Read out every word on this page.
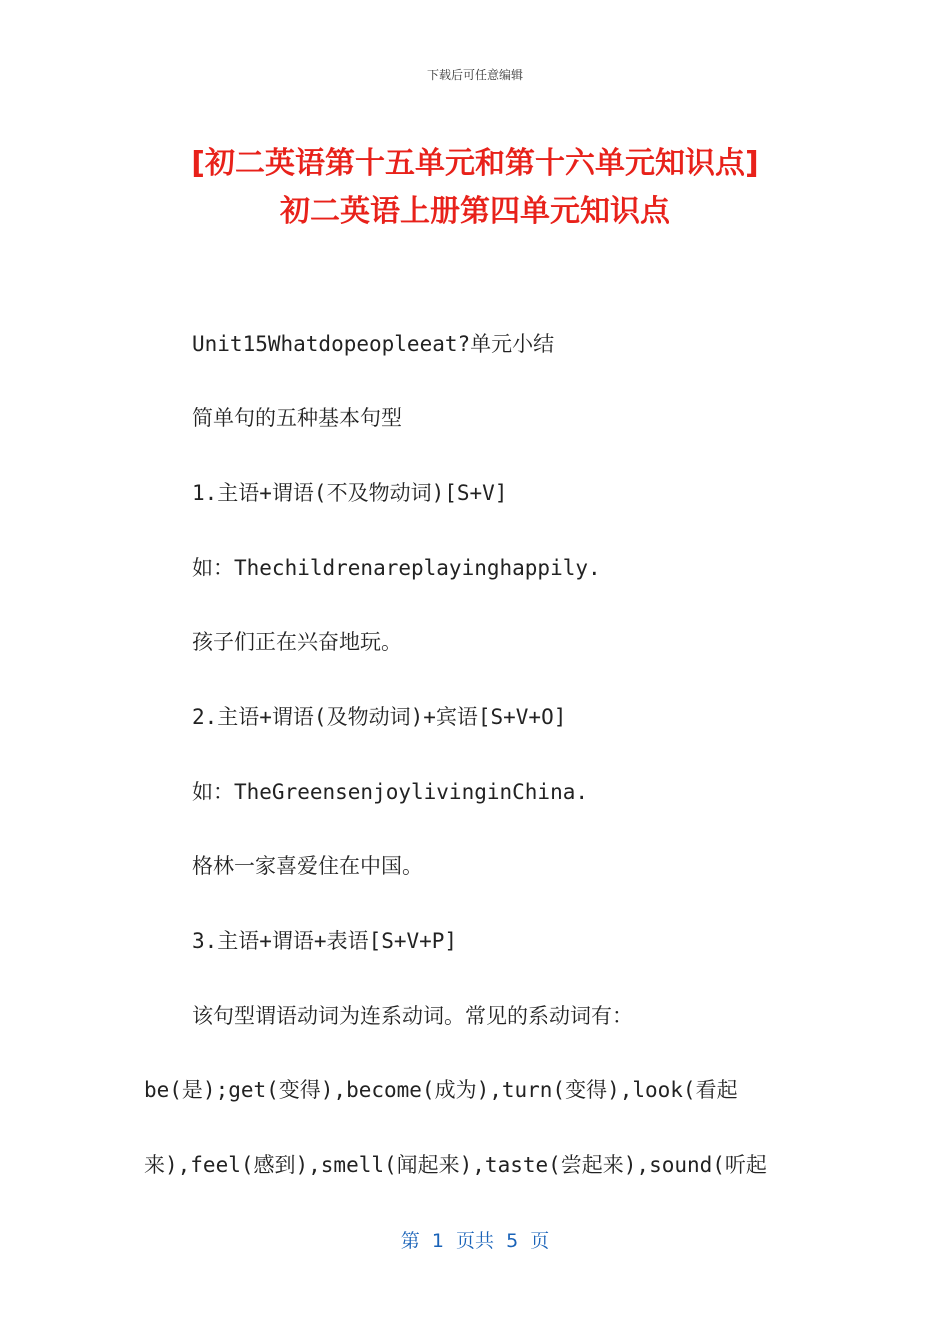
下载后可任意编辑
[初二英语第十五单元和第十六单元知识点]
初二英语上册第四单元知识点
Unit15Whatdopeopleeat?单元小结
简单句的五种基本句型
1.主语+谓语(不及物动词)[S+V]
如：Thechildrenareplayinghappily.
孩子们正在兴奋地玩。
2.主语+谓语(及物动词)+宾语[S+V+O]
如：TheGreensenjoylivinginChina.
格林一家喜爱住在中国。
3.主语+谓语+表语[S+V+P]
该句型谓语动词为连系动词。常见的系动词有：
be(是);get(变得),become(成为),turn(变得),look(看起
来),feel(感到),smell(闻起来),taste(尝起来),sound(听起
第  1  页共  5  页
